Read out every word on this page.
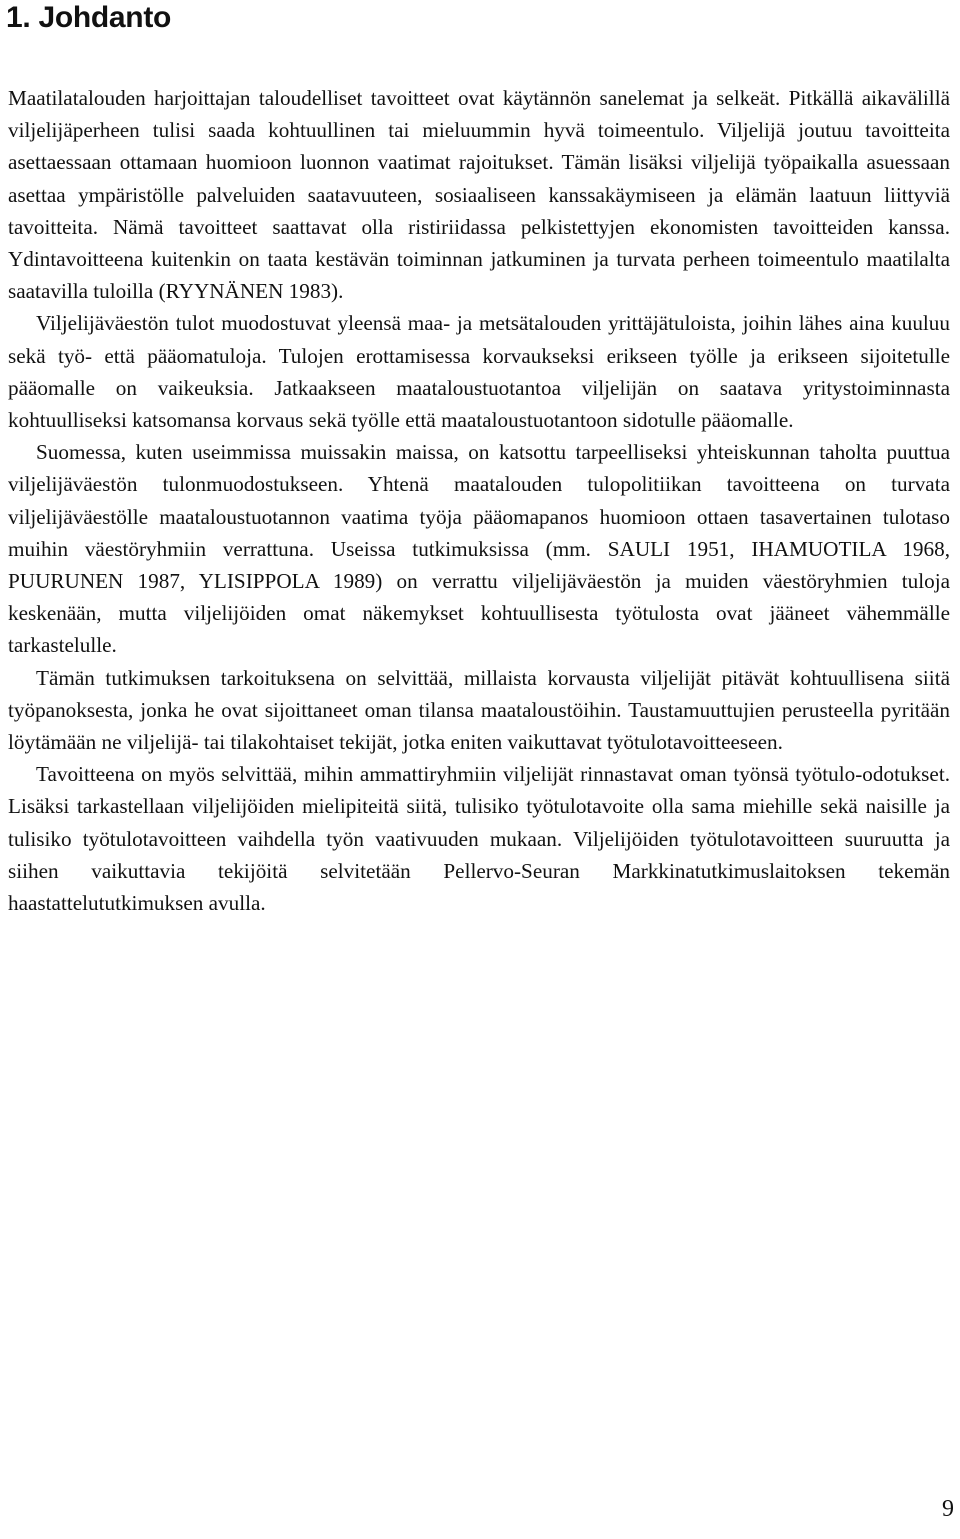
1. Johdanto

Maatilatalouden harjoittajan taloudelliset tavoitteet ovat käytännön sanelemat ja selkeät. Pitkällä aikavälillä viljelijäperheen tulisi saada kohtuullinen tai mieluummin hyvä toimeentulo. Viljelijä joutuu tavoitteita asettaessaan ottamaan huomioon luonnon vaatimat rajoitukset. Tämän lisäksi viljelijä työpaikalla asuessaan asettaa ympäristölle palveluiden saatavuuteen, sosiaaliseen kanssakäymiseen ja elämän laatuun liittyviä tavoitteita. Nämä tavoitteet saattavat olla ristiriidassa pelkistettyjen ekonomisten tavoitteiden kanssa. Ydintavoitteena kuitenkin on taata kestävän toiminnan jatkuminen ja turvata perheen toimeentulo maatilalta saatavilla tuloilla (RYYNÄNEN 1983).

Viljelijäväestön tulot muodostuvat yleensä maa- ja metsätalouden yrittäjätuloista, joihin lähes aina kuuluu sekä työ- että pääomatuloja. Tulojen erottamisessa korvaukseksi erikseen työlle ja erikseen sijoitetulle pääomalle on vaikeuksia. Jatkaakseen maataloustuotantoa viljelijän on saatava yritystoiminnasta kohtuulliseksi katsomansa korvaus sekä työlle että maataloustuotantoon sidotulle pääomalle.

Suomessa, kuten useimmissa muissakin maissa, on katsottu tarpeelliseksi yhteiskunnan taholta puuttua viljelijäväestön tulonmuodostukseen. Yhtenä maatalouden tulopolitiikan tavoitteena on turvata viljelijäväestölle maataloustuotannon vaatima työja pääomapanos huomioon ottaen tasavertainen tulotaso muihin väestöryhmiin verrattuna. Useissa tutkimuksissa (mm. SAULI 1951, IHAMUOTILA 1968, PUURUNEN 1987, YLISIPPOLA 1989) on verrattu viljelijäväestön ja muiden väestöryhmien tuloja keskenään, mutta viljelijöiden omat näkemykset kohtuullisesta työtulosta ovat jääneet vähemmälle tarkastelulle.

Tämän tutkimuksen tarkoituksena on selvittää, millaista korvausta viljelijät pitävät kohtuullisena siitä työpanoksesta, jonka he ovat sijoittaneet oman tilansa maataloustöihin. Taustamuuttujien perusteella pyritään löytämään ne viljelijä- tai tilakohtaiset tekijät, jotka eniten vaikuttavat työtulotavoitteeseen.

Tavoitteena on myös selvittää, mihin ammattiryhmiin viljelijät rinnastavat oman työnsä työtulo-odotukset. Lisäksi tarkastellaan viljelijöiden mielipiteitä siitä, tulisiko työtulotavoite olla sama miehille sekä naisille ja tulisiko työtulotavoitteen vaihdella työn vaativuuden mukaan. Viljelijöiden työtulotavoitteen suuruutta ja siihen vaikuttavia tekijöitä selvitetään Pellervo-Seuran Markkinatutkimuslaitoksen tekemän haastattelututkimuksen avulla.

9
